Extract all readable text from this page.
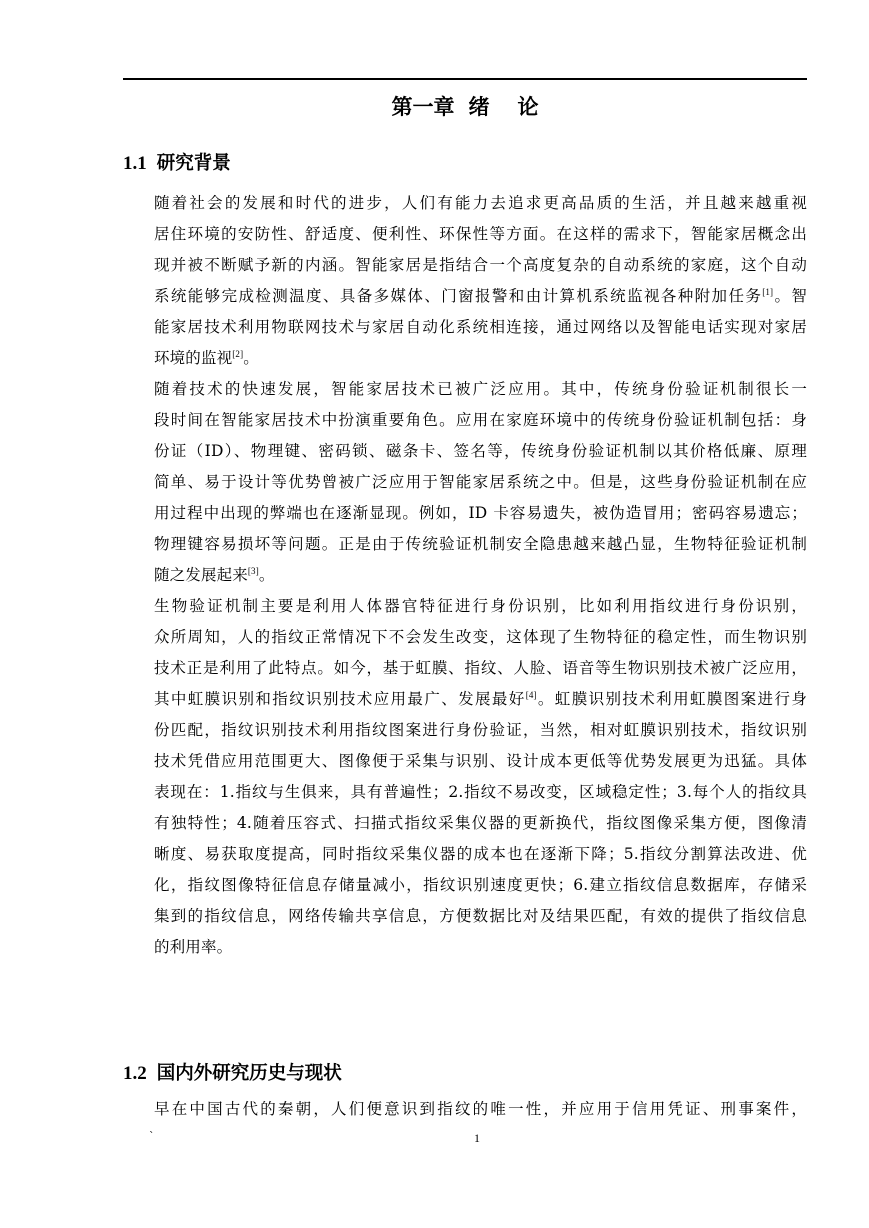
第一章 绪 论
1.1 研究背景

随着社会的发展和时代的进步，人们有能力去追求更高品质的生活，并且越来越重视
居住环境的安防性、舒适度、便利性、环保性等方面。在这样的需求下，智能家居概念出
现并被不断赋予新的内涵。智能家居是指结合一个高度复杂的自动系统的家庭，这个自动
系统能够完成检测温度、具备多媒体、门窗报警和由计算机系统监视各种附加任务[1]。智
能家居技术利用物联网技术与家居自动化系统相连接，通过网络以及智能电话实现对家居
环境的监视[2]。

随着技术的快速发展，智能家居技术已被广泛应用。其中，传统身份验证机制很长一
段时间在智能家居技术中扮演重要角色。应用在家庭环境中的传统身份验证机制包括：身
份证（ID）、物理键、密码锁、磁条卡、签名等，传统身份验证机制以其价格低廉、原理
简单、易于设计等优势曾被广泛应用于智能家居系统之中。但是，这些身份验证机制在应
用过程中出现的弊端也在逐渐显现。例如，ID 卡容易遗失，被伪造冒用；密码容易遗忘；
物理键容易损坏等问题。正是由于传统验证机制安全隐患越来越凸显，生物特征验证机制
随之发展起来[3]。

生物验证机制主要是利用人体器官特征进行身份识别，比如利用指纹进行身份识别，
众所周知，人的指纹正常情况下不会发生改变，这体现了生物特征的稳定性，而生物识别
技术正是利用了此特点。如今，基于虹膜、指纹、人脸、语音等生物识别技术被广泛应用，
其中虹膜识别和指纹识别技术应用最广、发展最好[4]。虹膜识别技术利用虹膜图案进行身
份匹配，指纹识别技术利用指纹图案进行身份验证，当然，相对虹膜识别技术，指纹识别
技术凭借应用范围更大、图像便于采集与识别、设计成本更低等优势发展更为迅猛。具体
表现在：1.指纹与生俱来，具有普遍性；2.指纹不易改变，区域稳定性；3.每个人的指纹具
有独特性；4.随着压容式、扫描式指纹采集仪器的更新换代，指纹图像采集方便，图像清
晰度、易获取度提高，同时指纹采集仪器的成本也在逐渐下降；5.指纹分割算法改进、优
化，指纹图像特征信息存储量减小，指纹识别速度更快；6.建立指纹信息数据库，存储采
集到的指纹信息，网络传输共享信息，方便数据比对及结果匹配，有效的提供了指纹信息
的利用率。

1.2 国内外研究历史与现状

早在中国古代的秦朝，人们便意识到指纹的唯一性，并应用于信用凭证、刑事案件，

`	1
